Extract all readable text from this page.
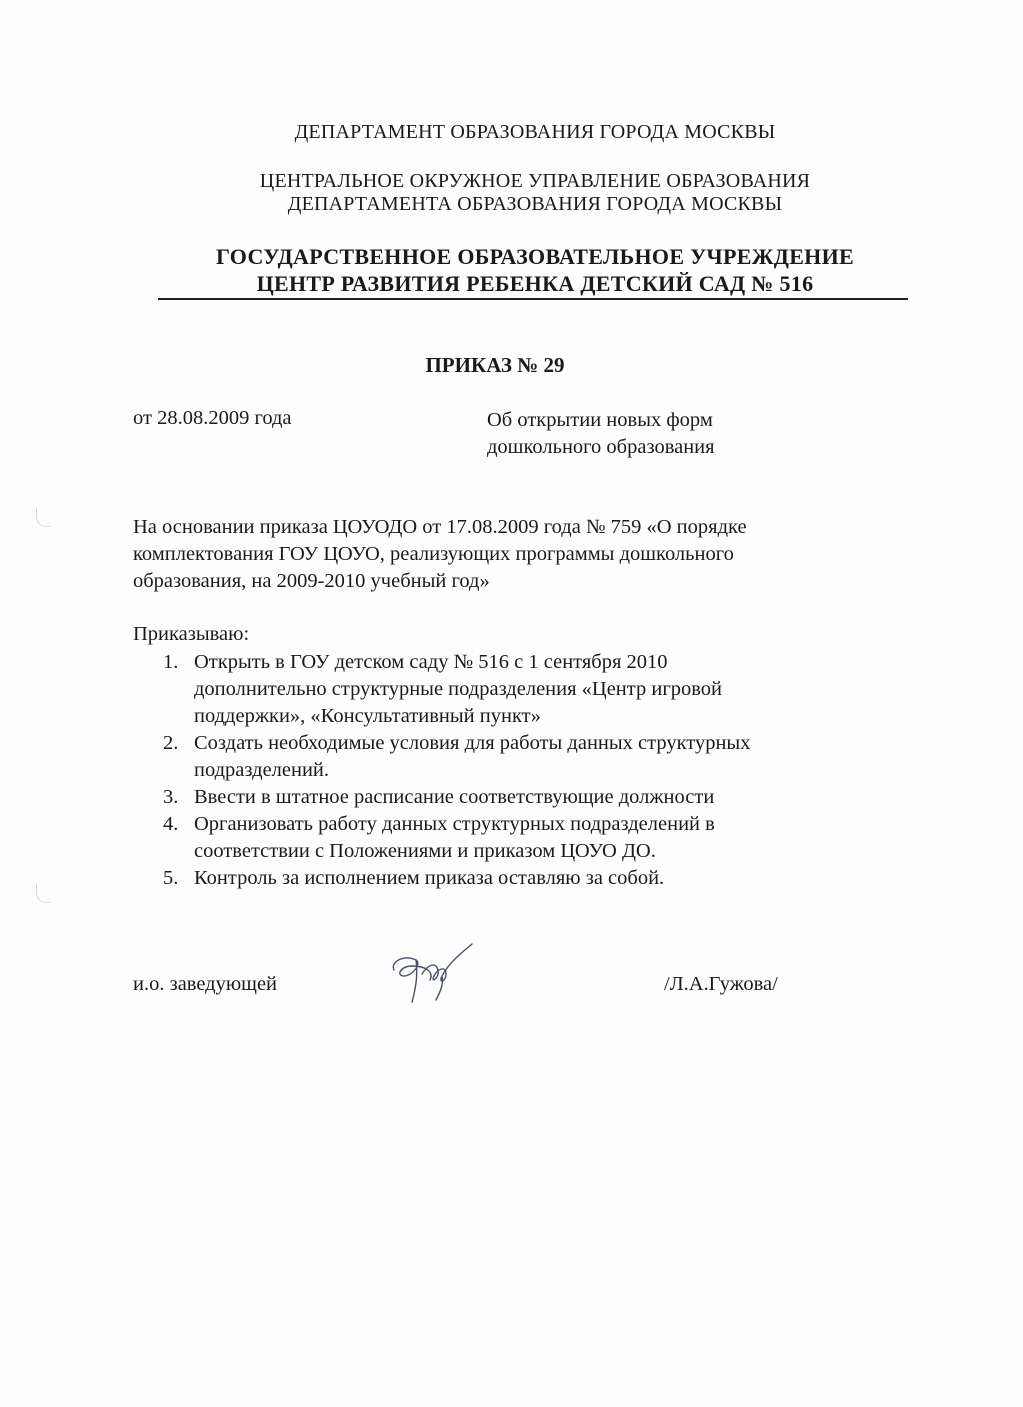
ДЕПАРТАМЕНТ ОБРАЗОВАНИЯ ГОРОДА МОСКВЫ
ЦЕНТРАЛЬНОЕ ОКРУЖНОЕ УПРАВЛЕНИЕ ОБРАЗОВАНИЯ
ДЕПАРТАМЕНТА ОБРАЗОВАНИЯ ГОРОДА МОСКВЫ
ГОСУДАРСТВЕННОЕ ОБРАЗОВАТЕЛЬНОЕ УЧРЕЖДЕНИЕ
ЦЕНТР РАЗВИТИЯ РЕБЕНКА ДЕТСКИЙ САД № 516
ПРИКАЗ № 29
от 28.08.2009 года	Об открытии новых форм
дошкольного образования
На основании приказа ЦОУОДО от 17.08.2009 года № 759 «О порядке
комплектования ГОУ ЦОУО, реализующих программы дошкольного
образования, на 2009-2010 учебный год»
Приказываю:
1. Открыть в ГОУ детском саду № 516 с 1 сентября 2010
дополнительно структурные подразделения «Центр игровой
поддержки», «Консультативный пункт»
2. Создать необходимые условия для работы данных структурных
подразделений.
3. Ввести в штатное расписание соответствующие должности
4. Организовать работу данных структурных подразделений в
соответствии с Положениями и приказом ЦОУО ДО.
5. Контроль за исполнением приказа оставляю за собой.
и.о. заведующей	/Л.А.Гужова/
